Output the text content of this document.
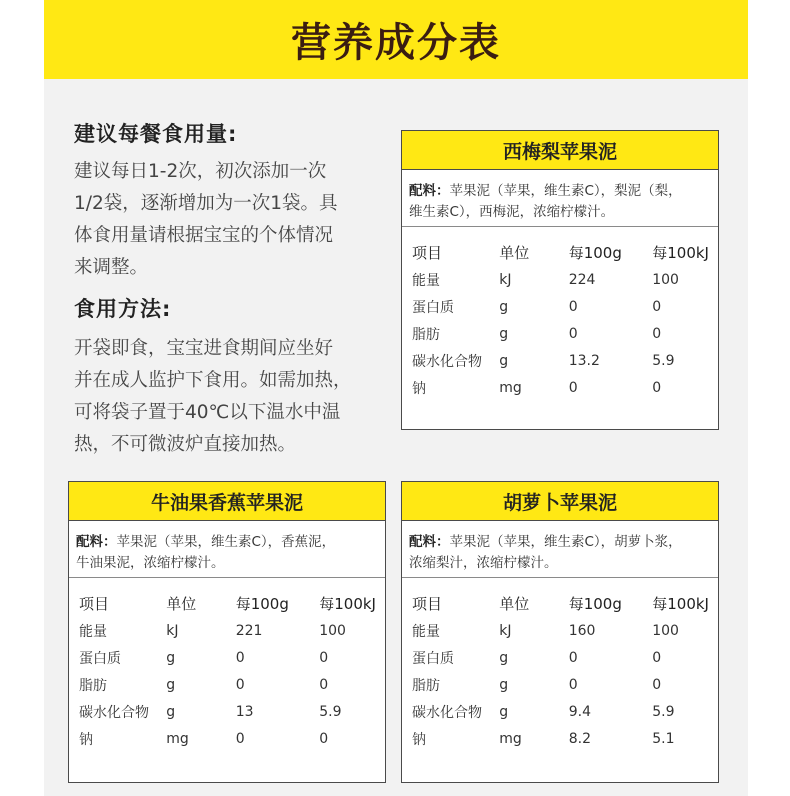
营养成分表
建议每餐食用量:

建议每日1-2次，初次添加一次
1/2袋，逐渐增加为一次1袋。具
体食用量请根据宝宝的个体情况
来调整。

食用方法:

开袋即食，宝宝进食期间应坐好
并在成人监护下食用。如需加热，
可将袋子置于40℃以下温水中温
热，不可微波炉直接加热。

西梅梨苹果泥
配料：苹果泥（苹果，维生素C），梨泥（梨，
维生素C），西梅泥，浓缩柠檬汁。
项目	单位	每100g	每100kJ
能量	kJ	224	100
蛋白质	g	0	0
脂肪	g	0	0
碳水化合物	g	13.2	5.9
钠	mg	0	0
牛油果香蕉苹果泥
配料：苹果泥（苹果，维生素C），香蕉泥，
牛油果泥，浓缩柠檬汁。
项目	单位	每100g	每100kJ
能量	kJ	221	100
蛋白质	g	0	0
脂肪	g	0	0
碳水化合物	g	13	5.9
钠	mg	0	0
胡萝卜苹果泥
配料：苹果泥（苹果，维生素C），胡萝卜浆，
浓缩梨汁，浓缩柠檬汁。
项目	单位	每100g	每100kJ
能量	kJ	160	100
蛋白质	g	0	0
脂肪	g	0	0
碳水化合物	g	9.4	5.9
钠	mg	8.2	5.1
